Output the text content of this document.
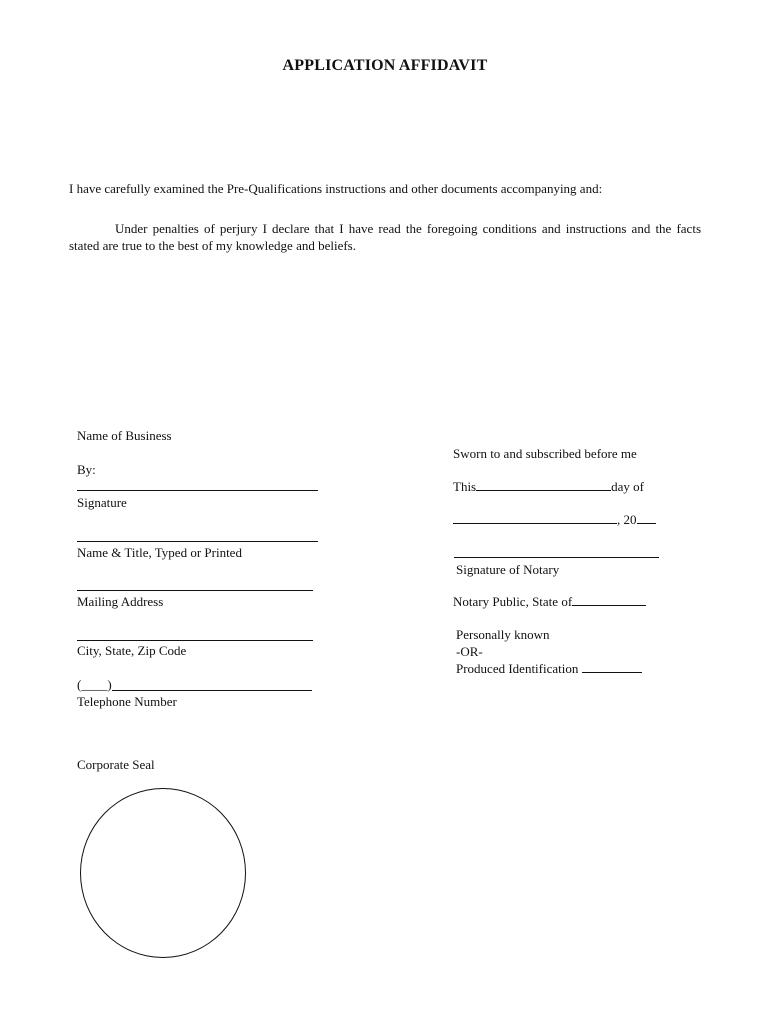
APPLICATION AFFIDAVIT
I have carefully examined the Pre-Qualifications instructions and other documents accompanying and:
Under penalties of perjury I declare that I have read the foregoing conditions and instructions and the facts stated are true to the best of my knowledge and beliefs.
Name of Business
By:
Signature
Name & Title, Typed or Printed
Mailing Address
City, State, Zip Code
(____)
Telephone Number
Corporate Seal
Sworn to and subscribed before me
This	day of
, 20
Signature of Notary
Notary Public, State of
Personally known
-OR-
Produced Identification
